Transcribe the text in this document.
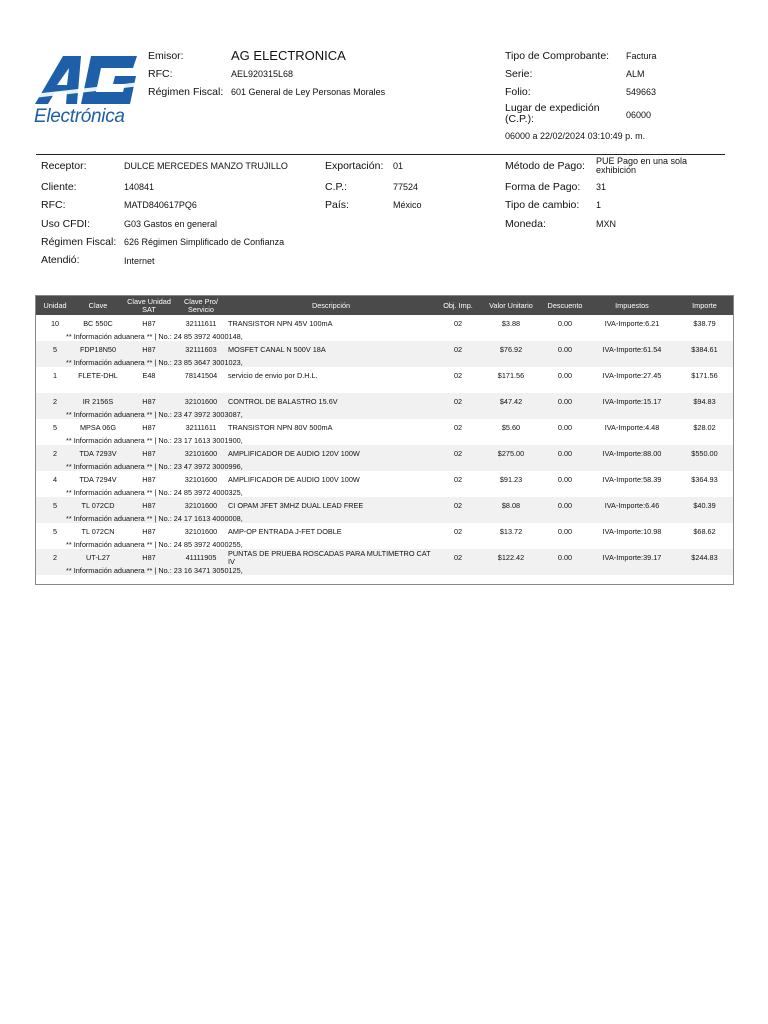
Electrónica
Emisor:	AG ELECTRONICA
RFC:	AEL920315L68
Régimen Fiscal: 601 General de Ley Personas Morales
Tipo de Comprobante: Factura
Serie:	ALM
Folio:	549663
Lugar de expedición (C.P.):	06000
06000 a 22/02/2024 03:10:49 p. m.
Receptor:	DULCE MERCEDES MANZO TRUJILLO
Cliente:	140841
RFC:	MATD840617PQ6
Uso CFDI:	G03 Gastos en general
Régimen Fiscal: 626 Régimen Simplificado de Confianza
Atendió:	Internet
Exportación: 01
C.P.:	77524
País:	México
Método de Pago: PUE Pago en una sola exhibición
Forma de Pago: 31
Tipo de cambio: 1
Moneda:	MXN
Unidad	Clave	Clave Unidad SAT	Clave Pro/ Servicio	Descripción	Obj. Imp.	Valor Unitario	Descuento	Impuestos	Importe
10	BC 550C	H87	32111611	TRANSISTOR NPN 45V 100mA	02	$3.88	0.00	IVA-Importe:6.21	$38.79
** Información aduanera ** | No.: 24 85 3972 4000148,									
5	FDP18N50	H87	32111603	MOSFET CANAL N 500V 18A	02	$76.92	0.00	IVA-Importe:61.54	$384.61
** Información aduanera ** | No.: 23 85 3647 3001023,									
1	FLETE-DHL	E48	78141504	servicio de envio por D.H.L.	02	$171.56	0.00	IVA-Importe:27.45	$171.56

2	IR 2156S	H87	32101600	CONTROL DE BALASTRO 15.6V	02	$47.42	0.00	IVA-Importe:15.17	$94.83
** Información aduanera ** | No.: 23 47 3972 3003087,									
5	MPSA 06G	H87	32111611	TRANSISTOR NPN 80V 500mA	02	$5.60	0.00	IVA-Importe:4.48	$28.02
** Información aduanera ** | No.: 23 17 1613 3001900,									
2	TDA 7293V	H87	32101600	AMPLIFICADOR DE AUDIO 120V 100W	02	$275.00	0.00	IVA-Importe:88.00	$550.00
** Información aduanera ** | No.: 23 47 3972 3000996,									
4	TDA 7294V	H87	32101600	AMPLIFICADOR DE AUDIO 100V 100W	02	$91.23	0.00	IVA-Importe:58.39	$364.93
** Información aduanera ** | No.: 24 85 3972 4000325,									
5	TL 072CD	H87	32101600	CI OPAM JFET 3MHZ DUAL LEAD FREE	02	$8.08	0.00	IVA-Importe:6.46	$40.39
** Información aduanera ** | No.: 24 17 1613 4000008,									
5	TL 072CN	H87	32101600	AMP-OP ENTRADA J-FET DOBLE	02	$13.72	0.00	IVA-Importe:10.98	$68.62
** Información aduanera ** | No.: 24 85 3972 4000255,									
2	UT-L27	H87	41111905	PUNTAS DE PRUEBA ROSCADAS PARA MULTIMETRO CAT IV	02	$122.42	0.00	IVA-Importe:39.17	$244.83
** Información aduanera ** | No.: 23 16 3471 3050125,									
